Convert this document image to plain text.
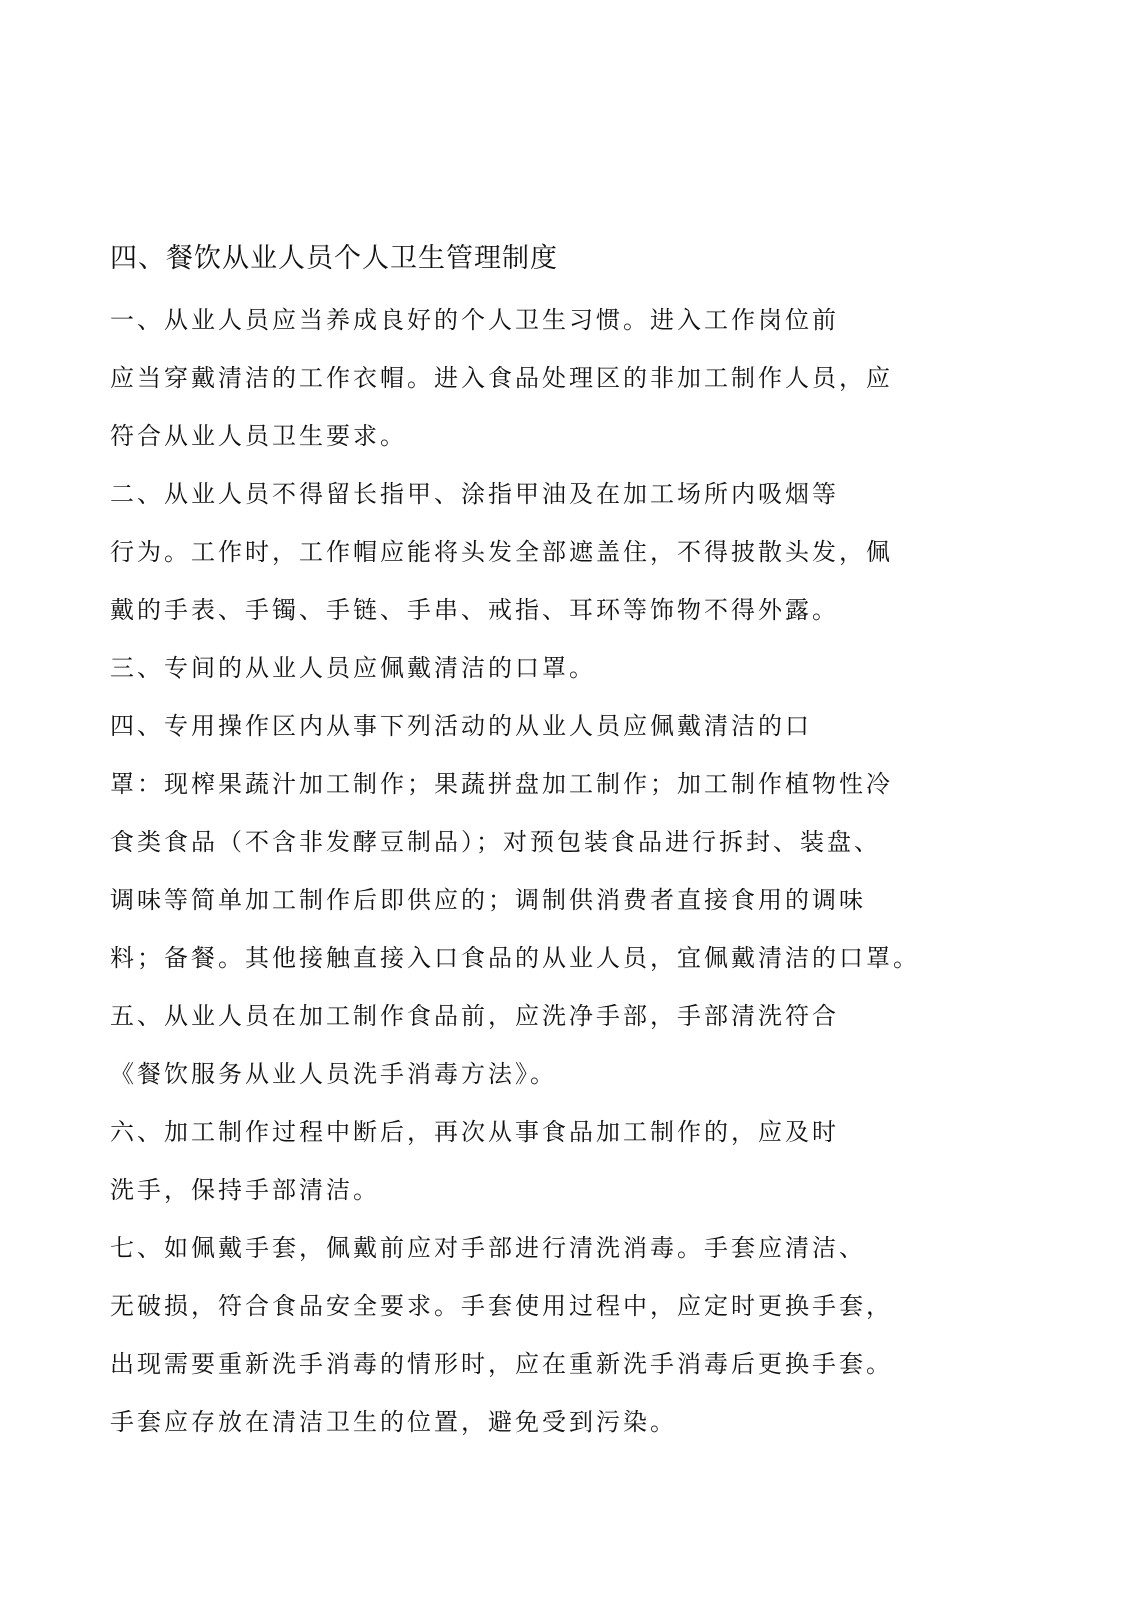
四、餐饮从业人员个人卫生管理制度
一、从业人员应当养成良好的个人卫生习惯。进入工作岗位前
应当穿戴清洁的工作衣帽。进入食品处理区的非加工制作人员，应
符合从业人员卫生要求。
二、从业人员不得留长指甲、涂指甲油及在加工场所内吸烟等
行为。工作时，工作帽应能将头发全部遮盖住，不得披散头发，佩
戴的手表、手镯、手链、手串、戒指、耳环等饰物不得外露。
三、专间的从业人员应佩戴清洁的口罩。
四、专用操作区内从事下列活动的从业人员应佩戴清洁的口
罩：现榨果蔬汁加工制作；果蔬拼盘加工制作；加工制作植物性冷
食类食品（不含非发酵豆制品）；对预包装食品进行拆封、装盘、
调味等简单加工制作后即供应的；调制供消费者直接食用的调味
料；备餐。其他接触直接入口食品的从业人员，宜佩戴清洁的口罩。
五、从业人员在加工制作食品前，应洗净手部，手部清洗符合
《餐饮服务从业人员洗手消毒方法》。
六、加工制作过程中断后，再次从事食品加工制作的，应及时
洗手，保持手部清洁。
七、如佩戴手套，佩戴前应对手部进行清洗消毒。手套应清洁、
无破损，符合食品安全要求。手套使用过程中，应定时更换手套，
出现需要重新洗手消毒的情形时，应在重新洗手消毒后更换手套。
手套应存放在清洁卫生的位置，避免受到污染。
